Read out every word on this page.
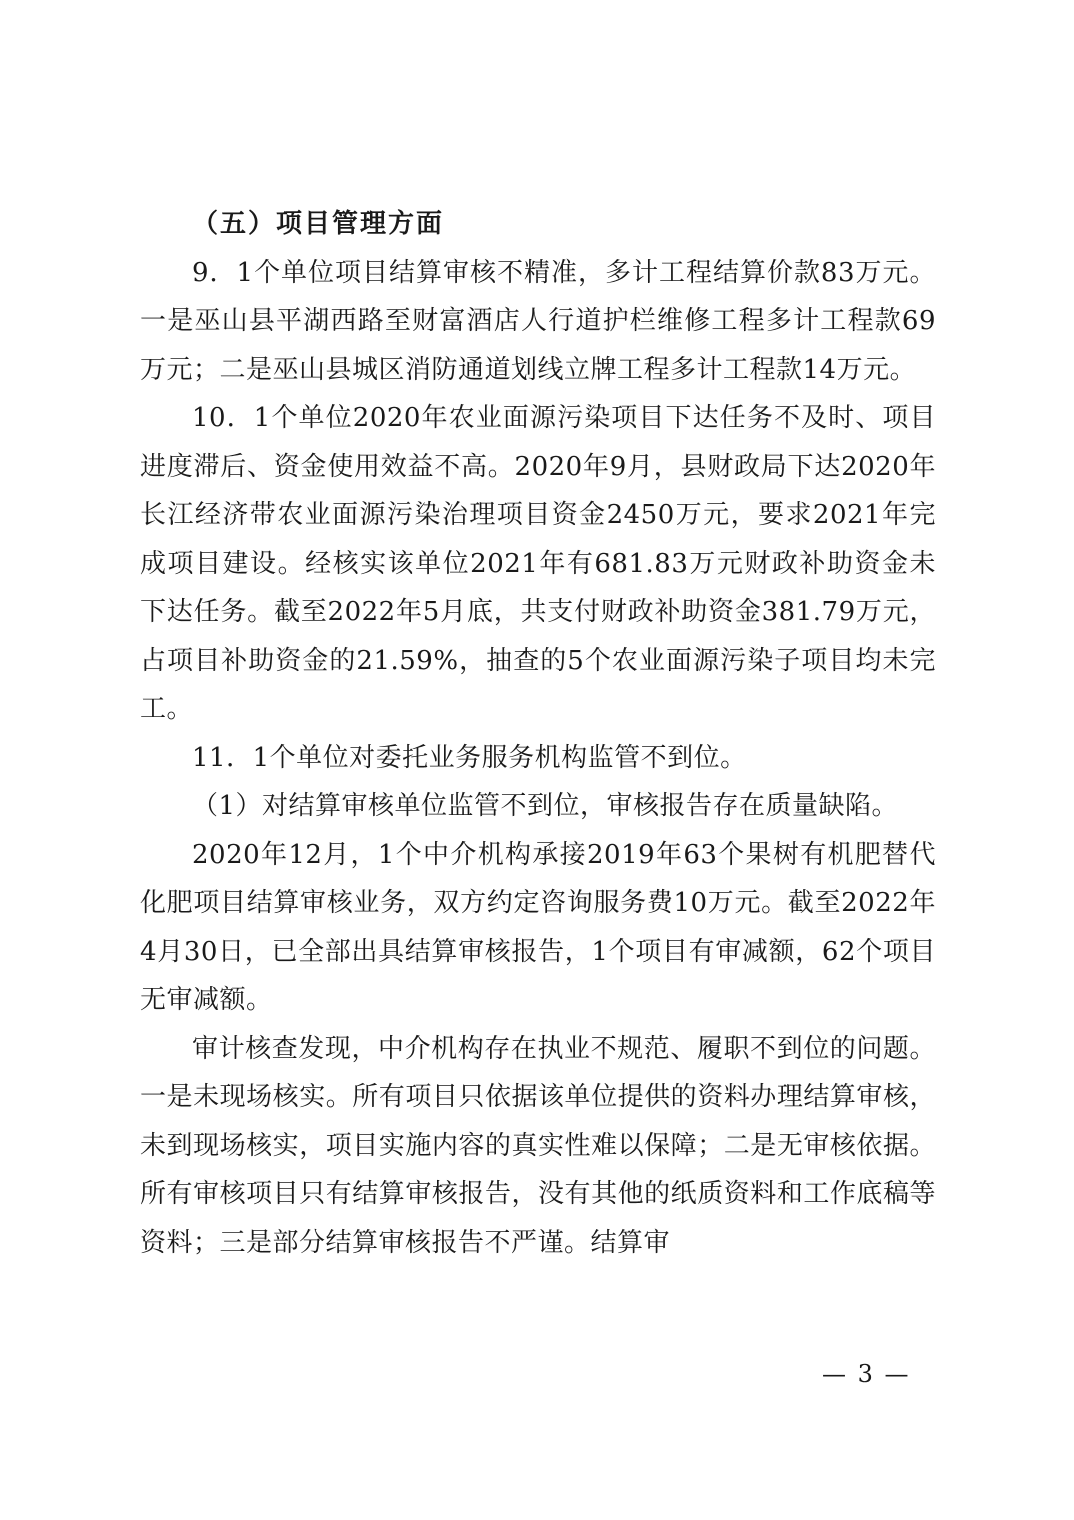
（五）项目管理方面

9．1个单位项目结算审核不精准，多计工程结算价款83万元。一是巫山县平湖西路至财富酒店人行道护栏维修工程多计工程款69万元；二是巫山县城区消防通道划线立牌工程多计工程款14万元。

10．1个单位2020年农业面源污染项目下达任务不及时、项目进度滞后、资金使用效益不高。2020年9月，县财政局下达2020年长江经济带农业面源污染治理项目资金2450万元，要求2021年完成项目建设。经核实该单位2021年有681.83万元财政补助资金未下达任务。截至2022年5月底，共支付财政补助资金381.79万元，占项目补助资金的21.59%，抽查的5个农业面源污染子项目均未完工。

11．1个单位对委托业务服务机构监管不到位。

（1）对结算审核单位监管不到位，审核报告存在质量缺陷。

2020年12月，1个中介机构承接2019年63个果树有机肥替代化肥项目结算审核业务，双方约定咨询服务费10万元。截至2022年4月30日，已全部出具结算审核报告，1个项目有审减额，62个项目无审减额。

审计核查发现，中介机构存在执业不规范、履职不到位的问题。一是未现场核实。所有项目只依据该单位提供的资料办理结算审核，未到现场核实，项目实施内容的真实性难以保障；二是无审核依据。所有审核项目只有结算审核报告，没有其他的纸质资料和工作底稿等资料；三是部分结算审核报告不严谨。结算审

— 3 —
